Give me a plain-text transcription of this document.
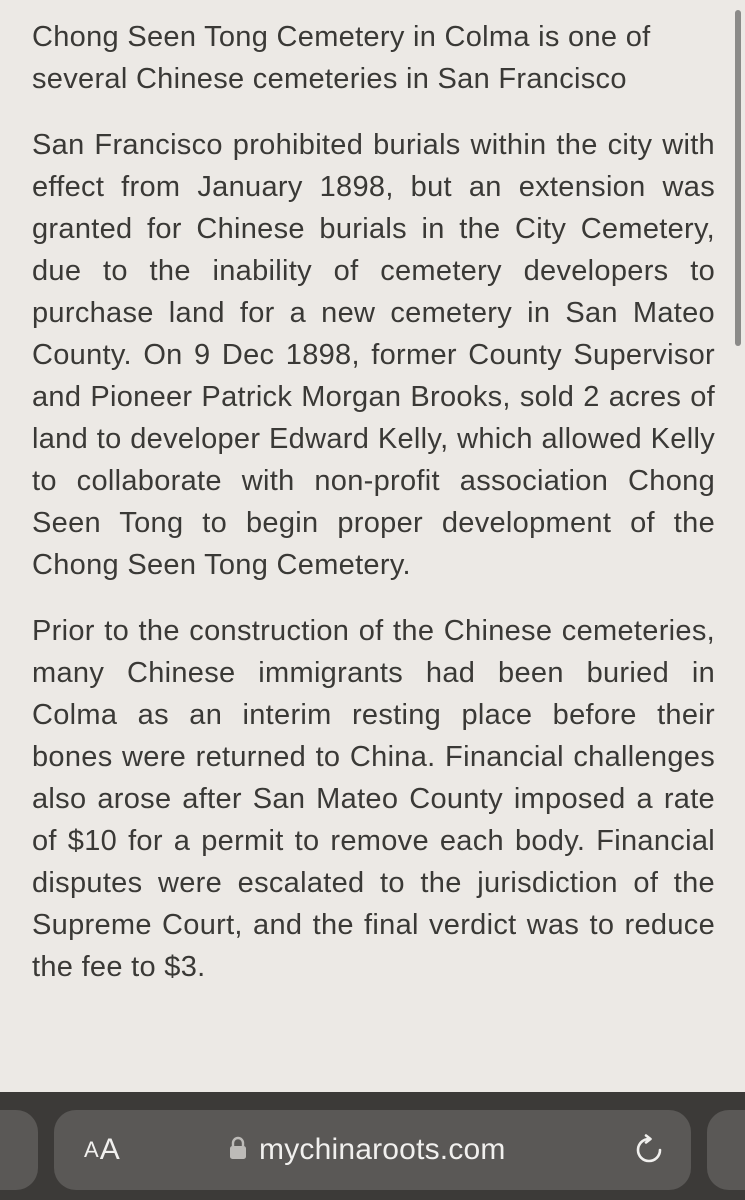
Chong Seen Tong Cemetery in Colma is one of several Chinese cemeteries in San Francisco

San Francisco prohibited burials within the city with effect from January 1898, but an extension was granted for Chinese burials in the City Cemetery, due to the inability of cemetery developers to purchase land for a new cemetery in San Mateo County. On 9 Dec 1898, former County Supervisor and Pioneer Patrick Morgan Brooks, sold 2 acres of land to developer Edward Kelly, which allowed Kelly to collaborate with non-profit association Chong Seen Tong to begin proper development of the Chong Seen Tong Cemetery.

Prior to the construction of the Chinese cemeteries, many Chinese immigrants had been buried in Colma as an interim resting place before their bones were returned to China. Financial challenges also arose after San Mateo County imposed a rate of $10 for a permit to remove each body. Financial disputes were escalated to the jurisdiction of the Supreme Court, and the final verdict was to reduce the fee to $3.

A A	mychinaroots.com
